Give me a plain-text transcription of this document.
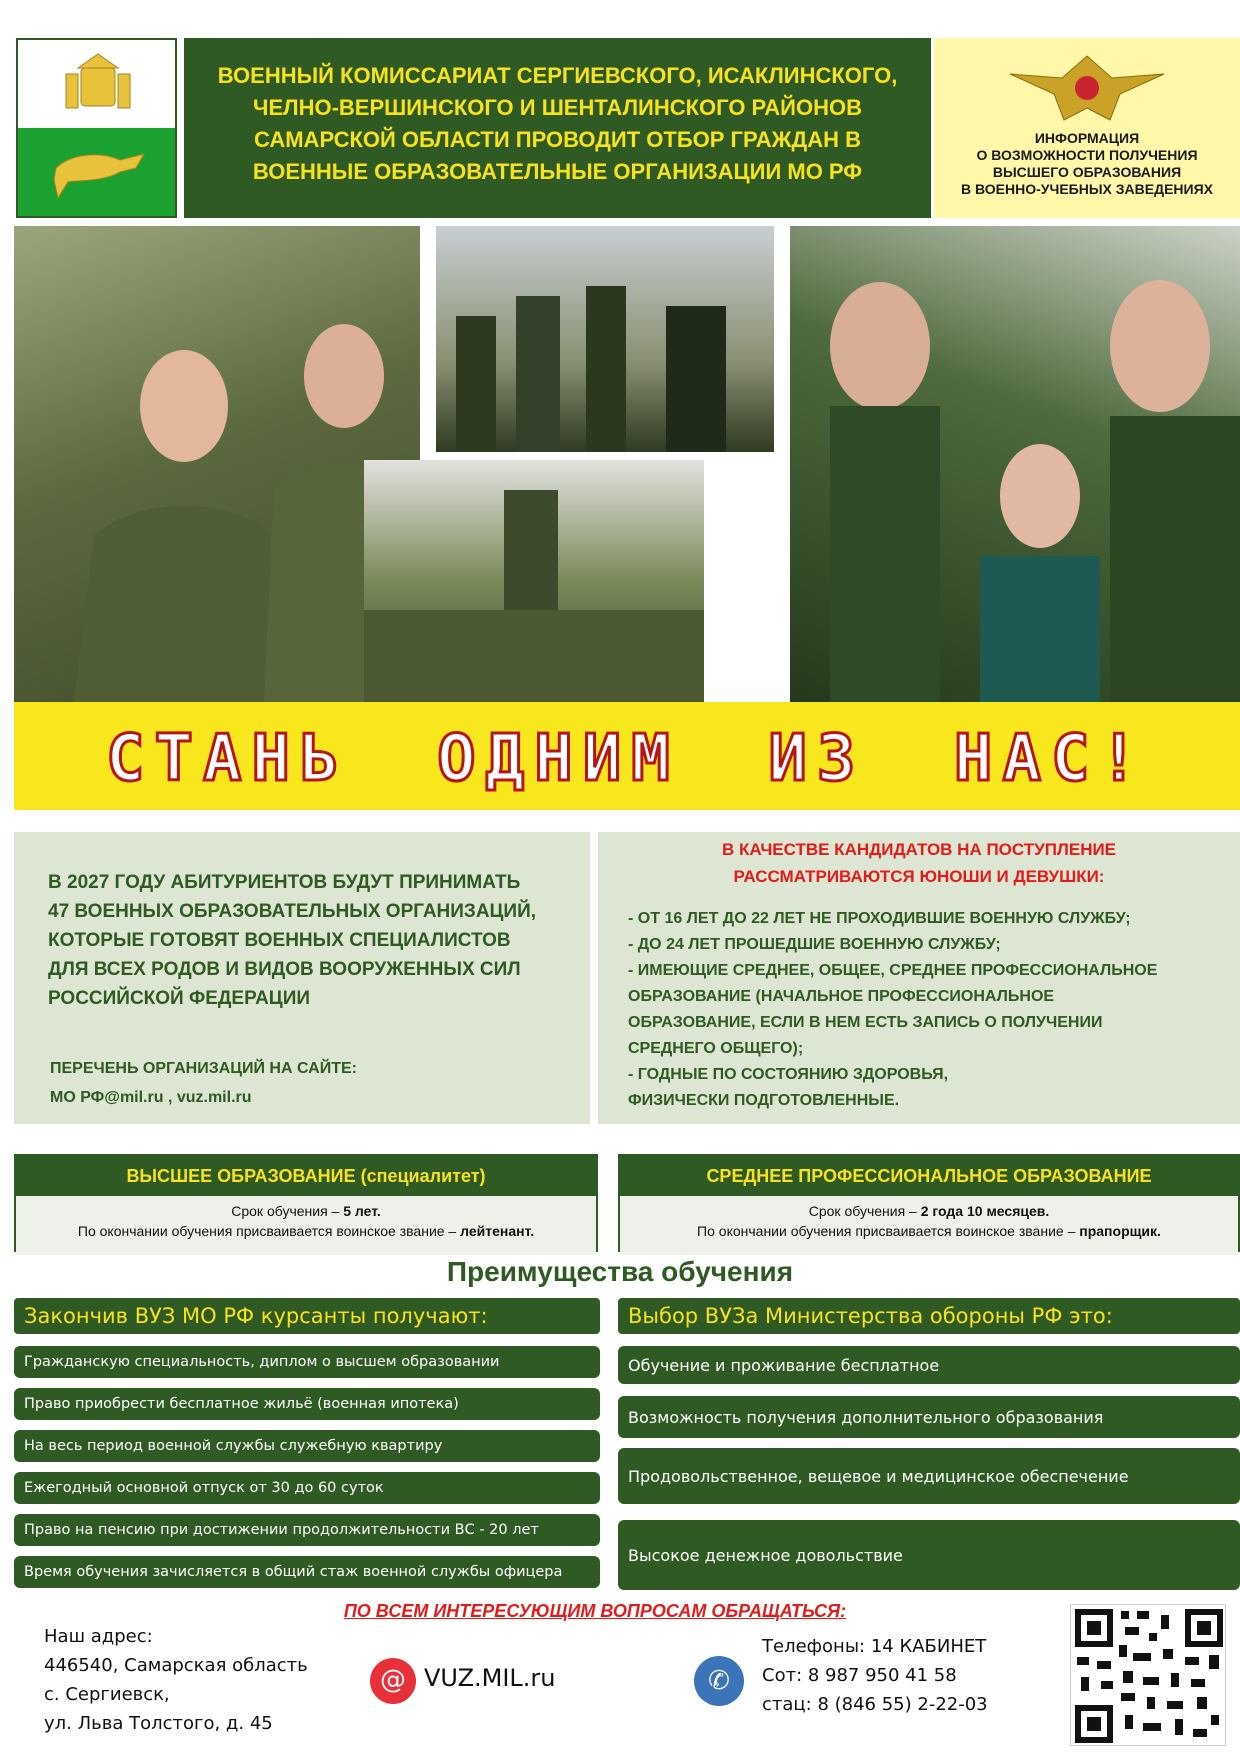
ВОЕННЫЙ КОМИССАРИАТ СЕРГИЕВСКОГО, ИСАКЛИНСКОГО,
ЧЕЛНО-ВЕРШИНСКОГО И ШЕНТАЛИНСКОГО РАЙОНОВ
САМАРСКОЙ ОБЛАСТИ ПРОВОДИТ ОТБОР ГРАЖДАН В
ВОЕННЫЕ ОБРАЗОВАТЕЛЬНЫЕ ОРГАНИЗАЦИИ МО РФ
ИНФОРМАЦИЯ
О ВОЗМОЖНОСТИ ПОЛУЧЕНИЯ
ВЫСШЕГО ОБРАЗОВАНИЯ
В ВОЕННО-УЧЕБНЫХ ЗАВЕДЕНИЯХ
СТАНЬ ОДНИМ ИЗ НАС!
В 2027 ГОДУ АБИТУРИЕНТОВ БУДУТ ПРИНИМАТЬ
47 ВОЕННЫХ ОБРАЗОВАТЕЛЬНЫХ ОРГАНИЗАЦИЙ,
КОТОРЫЕ ГОТОВЯТ ВОЕННЫХ СПЕЦИАЛИСТОВ
ДЛЯ ВСЕХ РОДОВ И ВИДОВ ВООРУЖЕННЫХ СИЛ
РОССИЙСКОЙ ФЕДЕРАЦИИ
ПЕРЕЧЕНЬ ОРГАНИЗАЦИЙ НА САЙТЕ:
МО РФ@mil.ru , vuz.mil.ru
В КАЧЕСТВЕ КАНДИДАТОВ НА ПОСТУПЛЕНИЕ
РАССМАТРИВАЮТСЯ ЮНОШИ И ДЕВУШКИ:
- ОТ 16 ЛЕТ ДО 22 ЛЕТ НЕ ПРОХОДИВШИЕ ВОЕННУЮ СЛУЖБУ;
- ДО 24 ЛЕТ ПРОШЕДШИЕ ВОЕННУЮ СЛУЖБУ;
- ИМЕЮЩИЕ СРЕДНЕЕ, ОБЩЕЕ, СРЕДНЕЕ ПРОФЕССИОНАЛЬНОЕ
ОБРАЗОВАНИЕ (НАЧАЛЬНОЕ ПРОФЕССИОНАЛЬНОЕ
ОБРАЗОВАНИЕ, ЕСЛИ В НЕМ ЕСТЬ ЗАПИСЬ О ПОЛУЧЕНИИ
СРЕДНЕГО ОБЩЕГО);
- ГОДНЫЕ ПО СОСТОЯНИЮ ЗДОРОВЬЯ,
ФИЗИЧЕСКИ ПОДГОТОВЛЕННЫЕ.
ВЫСШЕЕ ОБРАЗОВАНИЕ (специалитет)
Срок обучения – 5 лет.
По окончании обучения присваивается воинское звание – лейтенант.
СРЕДНЕЕ ПРОФЕССИОНАЛЬНОЕ ОБРАЗОВАНИЕ
Срок обучения – 2 года 10 месяцев.
По окончании обучения присваивается воинское звание – прапорщик.
Преимущества обучения
Закончив ВУЗ МО РФ курсанты получают:	Выбор ВУЗа Министерства обороны РФ это:
Гражданскую специальность, диплом о высшем образовании
Право приобрести бесплатное жильё (военная ипотека)
На весь период военной службы служебную квартиру
Ежегодный основной отпуск от 30 до 60 суток
Право на пенсию при достижении продолжительности ВС - 20 лет
Время обучения зачисляется в общий стаж военной службы офицера
Обучение и проживание бесплатное
Возможность получения дополнительного образования
Продовольственное, вещевое и медицинское обеспечение
Высокое денежное довольствие
ПО ВСЕМ ИНТЕРЕСУЮЩИМ ВОПРОСАМ ОБРАЩАТЬСЯ:
Наш адрес:
446540, Самарская область
с. Сергиевск,
ул. Льва Толстого, д. 45
@ VUZ.MIL.ru	✆
Телефоны: 14 КАБИНЕТ
Сот: 8 987 950 41 58
стац: 8 (846 55) 2-22-03
